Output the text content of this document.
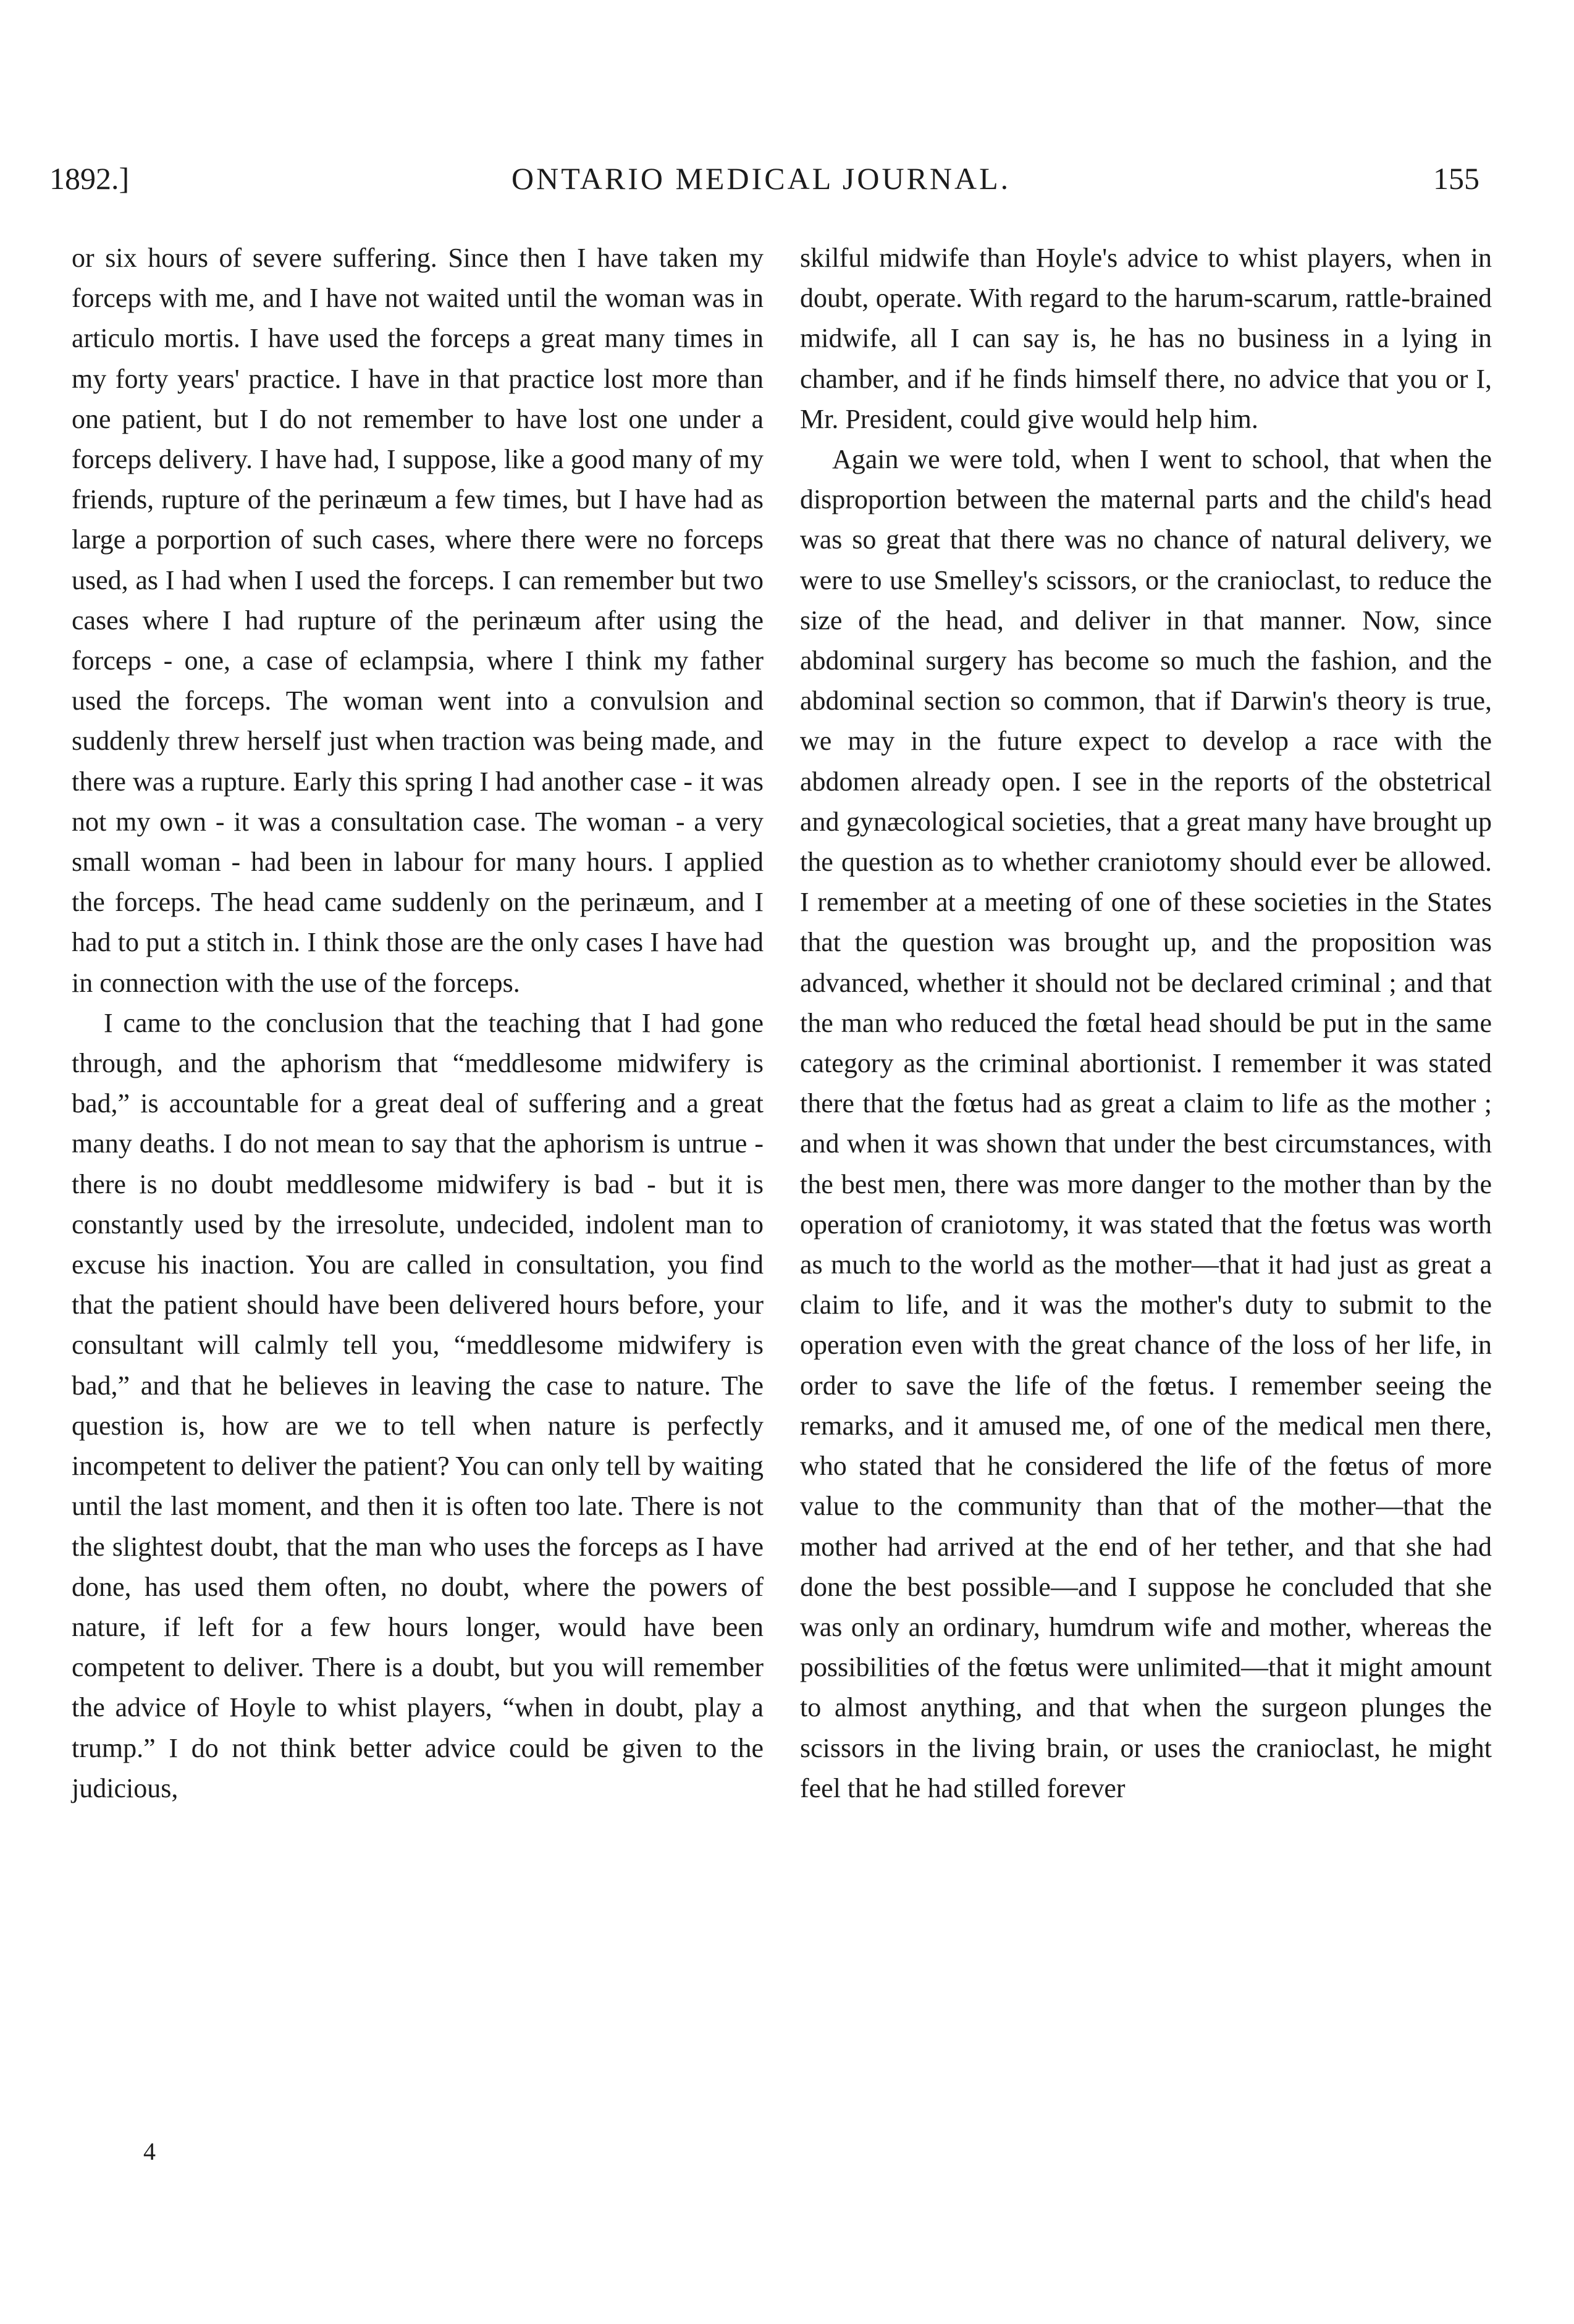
1892.]	ONTARIO MEDICAL JOURNAL.	155

or six hours of severe suffering. Since then I have taken my forceps with me, and I have not waited until the woman was in articulo mortis. I have used the forceps a great many times in my forty years' practice. I have in that practice lost more than one patient, but I do not remember to have lost one under a forceps delivery. I have had, I suppose, like a good many of my friends, rupture of the perinæum a few times, but I have had as large a porportion of such cases, where there were no forceps used, as I had when I used the forceps. I can remember but two cases where I had rupture of the perinæum after using the forceps - one, a case of eclampsia, where I think my father used the forceps. The woman went into a convulsion and suddenly threw herself just when traction was being made, and there was a rupture. Early this spring I had another case - it was not my own - it was a consultation case. The woman - a very small woman - had been in labour for many hours. I applied the forceps. The head came suddenly on the perinæum, and I had to put a stitch in. I think those are the only cases I have had in connection with the use of the forceps.

I came to the conclusion that the teaching that I had gone through, and the aphorism that “meddlesome midwifery is bad,” is accountable for a great deal of suffering and a great many deaths. I do not mean to say that the aphorism is untrue - there is no doubt meddlesome midwifery is bad - but it is constantly used by the irresolute, undecided, indolent man to excuse his inaction. You are called in consultation, you find that the patient should have been delivered hours before, your consultant will calmly tell you, “meddlesome midwifery is bad,” and that he believes in leaving the case to nature. The question is, how are we to tell when nature is perfectly incompetent to deliver the patient? You can only tell by waiting until the last moment, and then it is often too late. There is not the slightest doubt, that the man who uses the forceps as I have done, has used them often, no doubt, where the powers of nature, if left for a few hours longer, would have been competent to deliver. There is a doubt, but you will remember the advice of Hoyle to whist players, “when in doubt, play a trump.” I do not think better advice could be given to the judicious,

skilful midwife than Hoyle's advice to whist players, when in doubt, operate. With regard to the harum-scarum, rattle-brained midwife, all I can say is, he has no business in a lying in chamber, and if he finds himself there, no advice that you or I, Mr. President, could give would help him.

Again we were told, when I went to school, that when the disproportion between the maternal parts and the child's head was so great that there was no chance of natural delivery, we were to use Smelley's scissors, or the cranioclast, to reduce the size of the head, and deliver in that manner. Now, since abdominal surgery has become so much the fashion, and the abdominal section so common, that if Darwin's theory is true, we may in the future expect to develop a race with the abdomen already open. I see in the reports of the obstetrical and gynæcological societies, that a great many have brought up the question as to whether craniotomy should ever be allowed. I remember at a meeting of one of these societies in the States that the question was brought up, and the proposition was advanced, whether it should not be declared criminal ; and that the man who reduced the fœtal head should be put in the same category as the criminal abortionist. I remember it was stated there that the fœtus had as great a claim to life as the mother ; and when it was shown that under the best circumstances, with the best men, there was more danger to the mother than by the operation of craniotomy, it was stated that the fœtus was worth as much to the world as the mother—that it had just as great a claim to life, and it was the mother's duty to submit to the operation even with the great chance of the loss of her life, in order to save the life of the fœtus. I remember seeing the remarks, and it amused me, of one of the medical men there, who stated that he considered the life of the fœtus of more value to the community than that of the mother—that the mother had arrived at the end of her tether, and that she had done the best possible—and I suppose he concluded that she was only an ordinary, humdrum wife and mother, whereas the possibilities of the fœtus were unlimited—that it might amount to almost anything, and that when the surgeon plunges the scissors in the living brain, or uses the cranioclast, he might feel that he had stilled forever

4
